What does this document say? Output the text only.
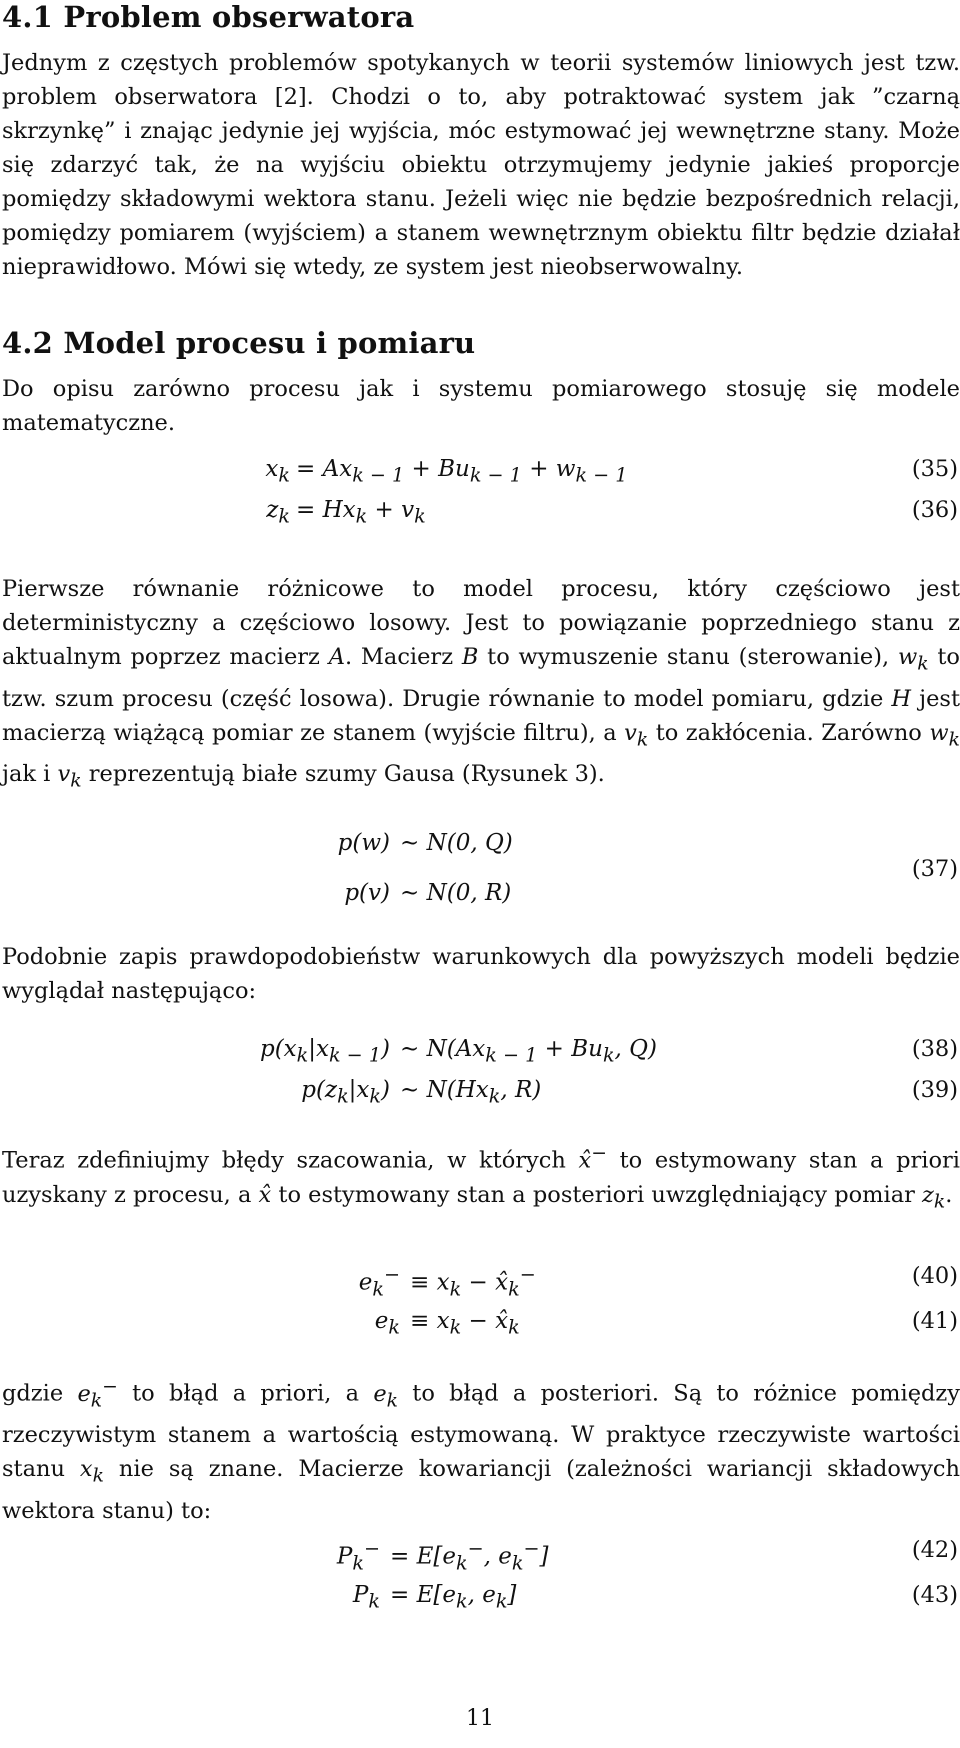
4.1 Problem obserwatora

Jednym z częstych problemów spotykanych w teorii systemów liniowych jest tzw. problem obserwatora [2]. Chodzi o to, aby potraktować system jak ”czarną skrzynkę” i znając jedynie jej wyjścia, móc estymować jej wewnętrzne stany. Może się zdarzyć tak, że na wyjściu obiektu otrzymujemy jedynie jakieś proporcje pomiędzy składowymi wektora stanu. Jeżeli więc nie będzie bezpośrednich relacji, pomiędzy pomiarem (wyjściem) a stanem wewnętrznym obiektu filtr będzie działał nieprawidłowo. Mówi się wtedy, ze system jest nieobserwowalny.

4.2 Model procesu i pomiaru

Do opisu zarówno procesu jak i systemu pomiarowego stosuję się modele matematyczne.

$x_k = Ax_{k - 1} + Bu_{k - 1} + w_{k - 1}$	(35)
$z_k = Hx_k + v_k$	(36)

Pierwsze równanie różnicowe to model procesu, który częściowo jest deterministyczny a częściowo losowy. Jest to powiązanie poprzedniego stanu z aktualnym poprzez macierz A. Macierz B to wymuszenie stanu (sterowanie), $w_k$ to tzw. szum procesu (część losowa). Drugie równanie to model pomiaru, gdzie H jest macierzą wiążącą pomiar ze stanem (wyjście filtru), a $v_k$ to zakłócenia. Zarówno $w_k$ jak i $v_k$ reprezentują białe szumy Gausa (Rysunek 3).

p(w) ∼ N(0, Q)
p(v) ∼ N(0, R)
(37)

Podobnie zapis prawdopodobieństw warunkowych dla powyższych modeli będzie wyglądał następująco:

$p(x_k|x_{k - 1})$ ∼ $N(Ax_{k - 1} + Bu_k$, Q)	(38)
$p(z_k|x_k)$ ∼ $N(Hx_k$, R)	(39)

Teraz zdefiniujmy błędy szacowania, w których x̂− to estymowany stan a priori uzyskany z procesu, a x̂ to estymowany stan a posteriori uwzględniający pomiar $z_k$.

$e_k^- \equiv x_k$ − $x̂_k^-$	(40)
$e_k \equiv x_k$ − $x̂_k$	(41)

gdzie $e_k^-$ to błąd a priori, a $e_k$ to błąd a posteriori. Są to różnice pomiędzy rzeczywistym stanem a wartością estymowaną. W praktyce rzeczywiste wartości stanu $x_k$ nie są znane. Macierze kowariancji (zależności wariancji składowych wektora stanu) to:

$P_k^- = E[e_k^-$, $e_k^-$]	(42)
$P_k = E[e_k$, $e_k$]	(43)
11
